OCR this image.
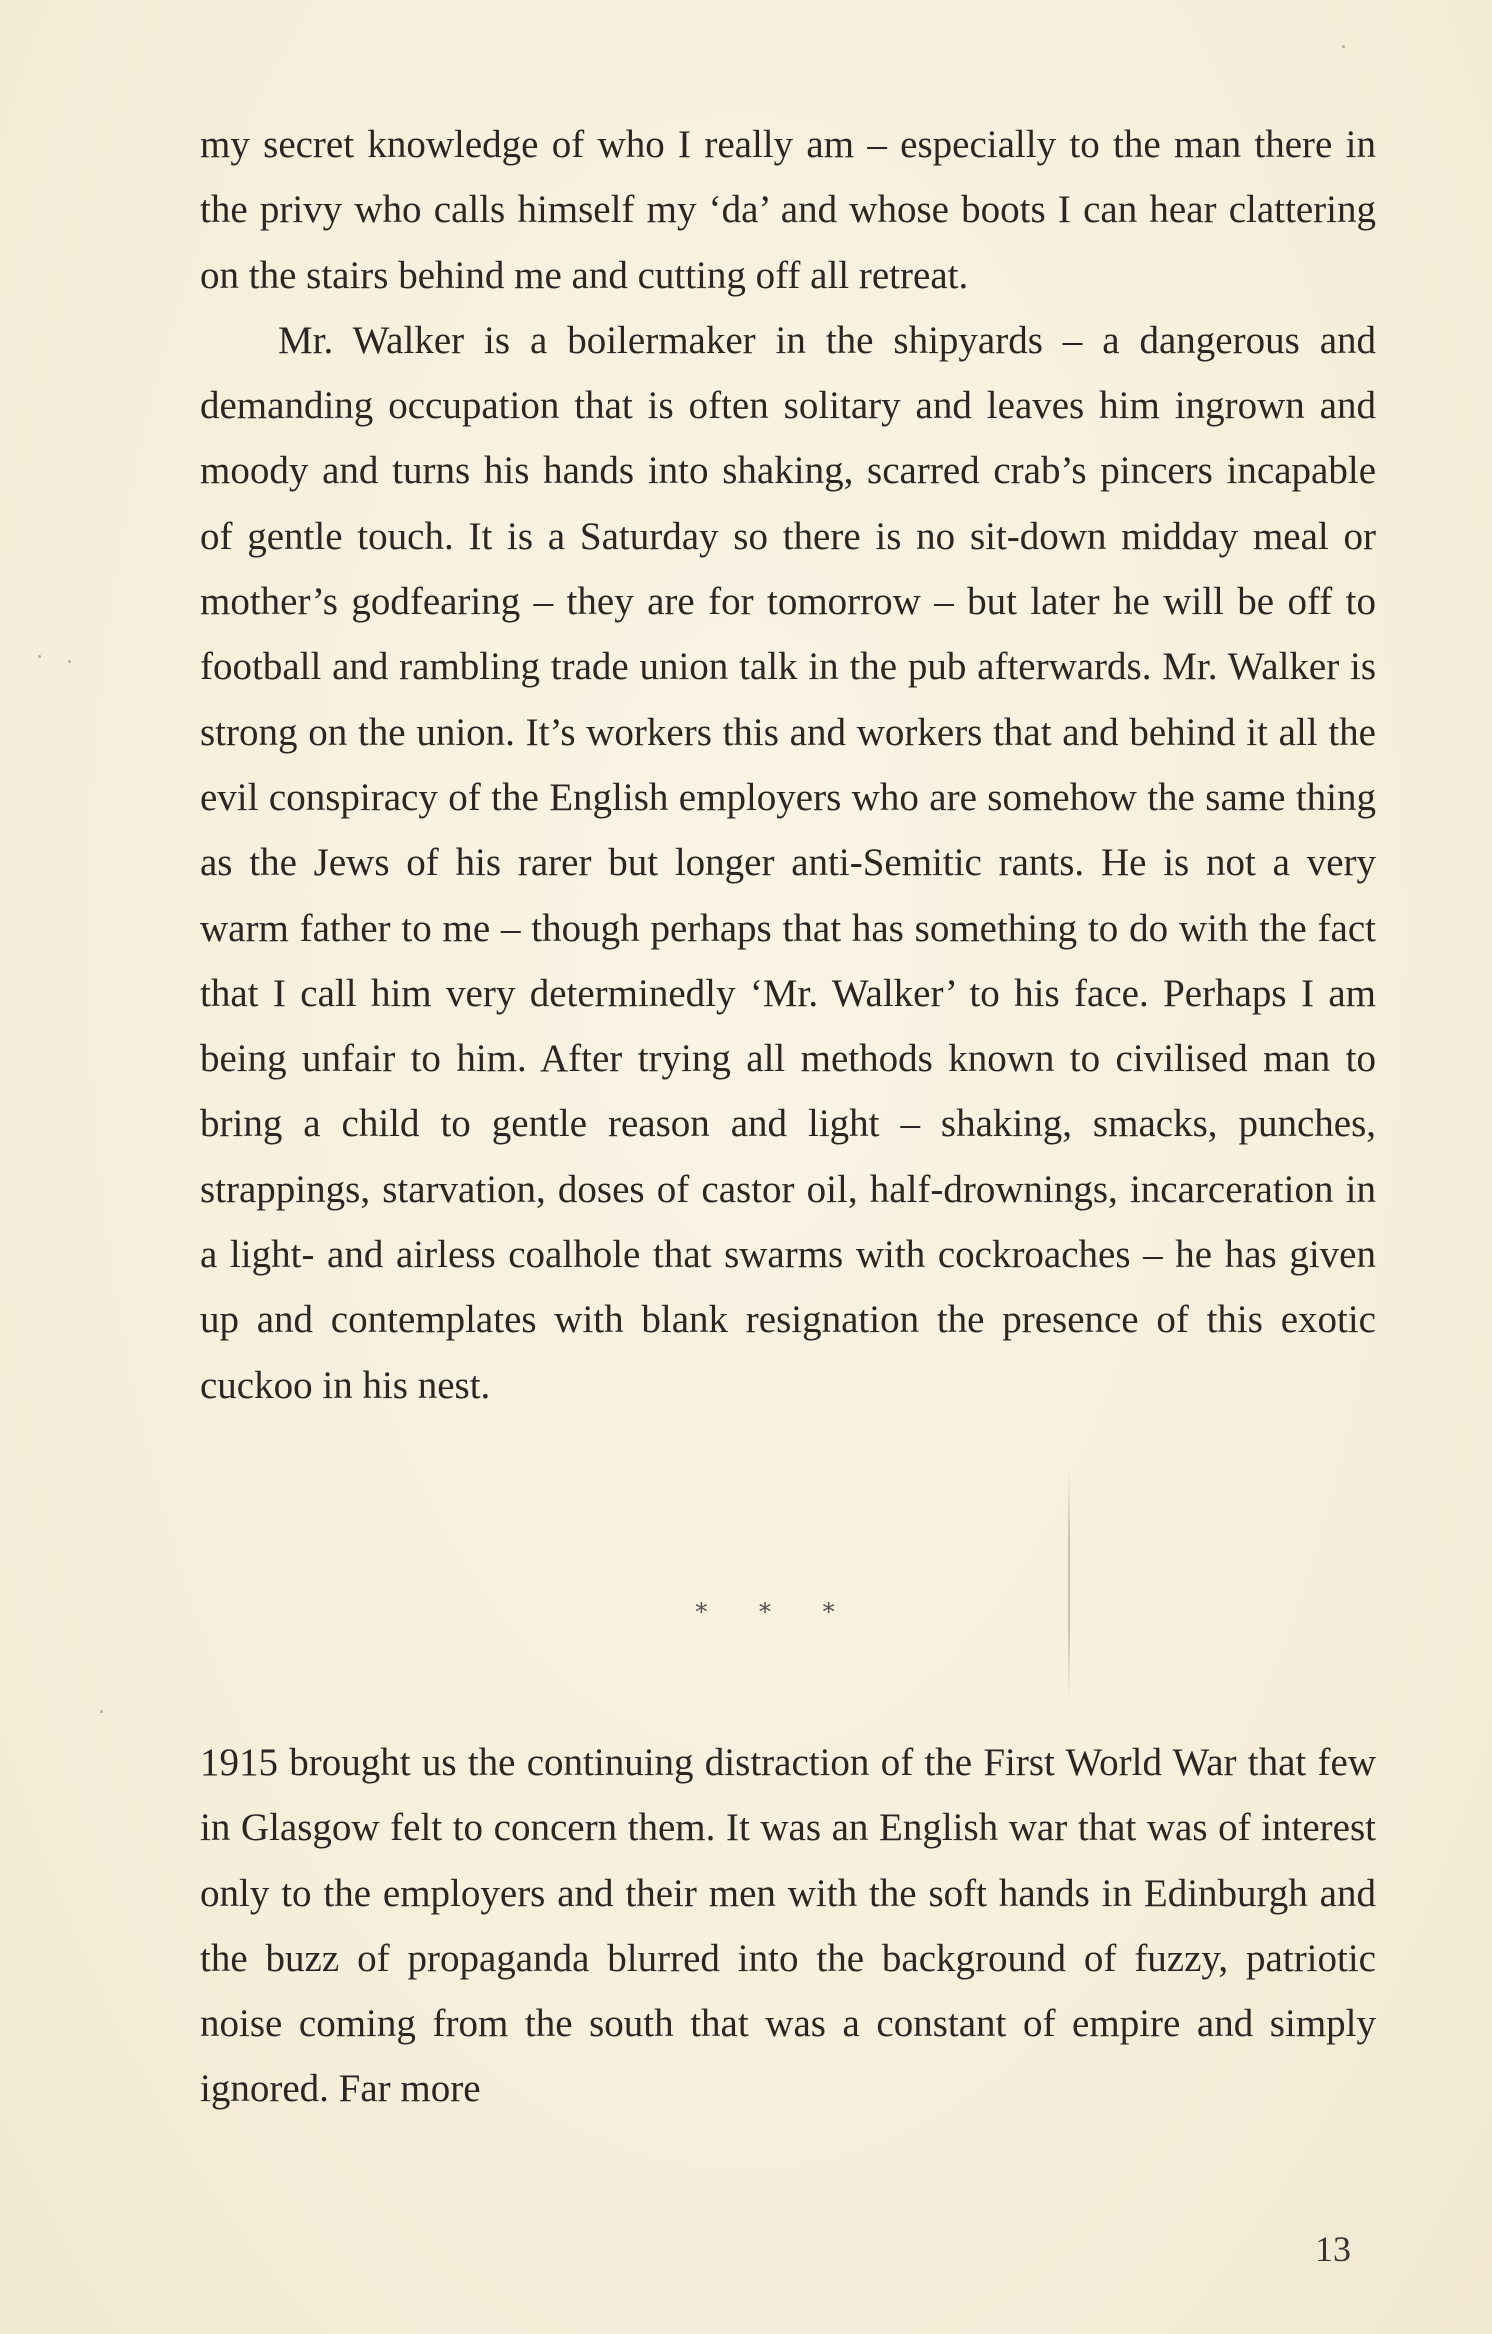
my secret knowledge of who I really am – especially to the man there in the privy who calls himself my ‘da’ and whose boots I can hear clattering on the stairs behind me and cutting off all retreat.

Mr. Walker is a boilermaker in the shipyards – a dangerous and demanding occupation that is often solitary and leaves him ingrown and moody and turns his hands into shaking, scarred crab’s pincers incapable of gentle touch. It is a Saturday so there is no sit-down midday meal or mother’s godfearing – they are for tomorrow – but later he will be off to football and rambling trade union talk in the pub afterwards. Mr. Walker is strong on the union. It’s workers this and workers that and behind it all the evil conspiracy of the English employers who are somehow the same thing as the Jews of his rarer but longer anti-Semitic rants. He is not a very warm father to me – though perhaps that has something to do with the fact that I call him very determinedly ‘Mr. Walker’ to his face. Perhaps I am being unfair to him. After trying all methods known to civilised man to bring a child to gentle reason and light – shaking, smacks, punches, strappings, starvation, doses of castor oil, half-drownings, incarceration in a light- and airless coalhole that swarms with cockroaches – he has given up and contemplates with blank resignation the presence of this exotic cuckoo in his nest.

* * *

1915 brought us the continuing distraction of the First World War that few in Glasgow felt to concern them. It was an English war that was of interest only to the employers and their men with the soft hands in Edinburgh and the buzz of propaganda blurred into the background of fuzzy, patriotic noise coming from the south that was a constant of empire and simply ignored. Far more

13
